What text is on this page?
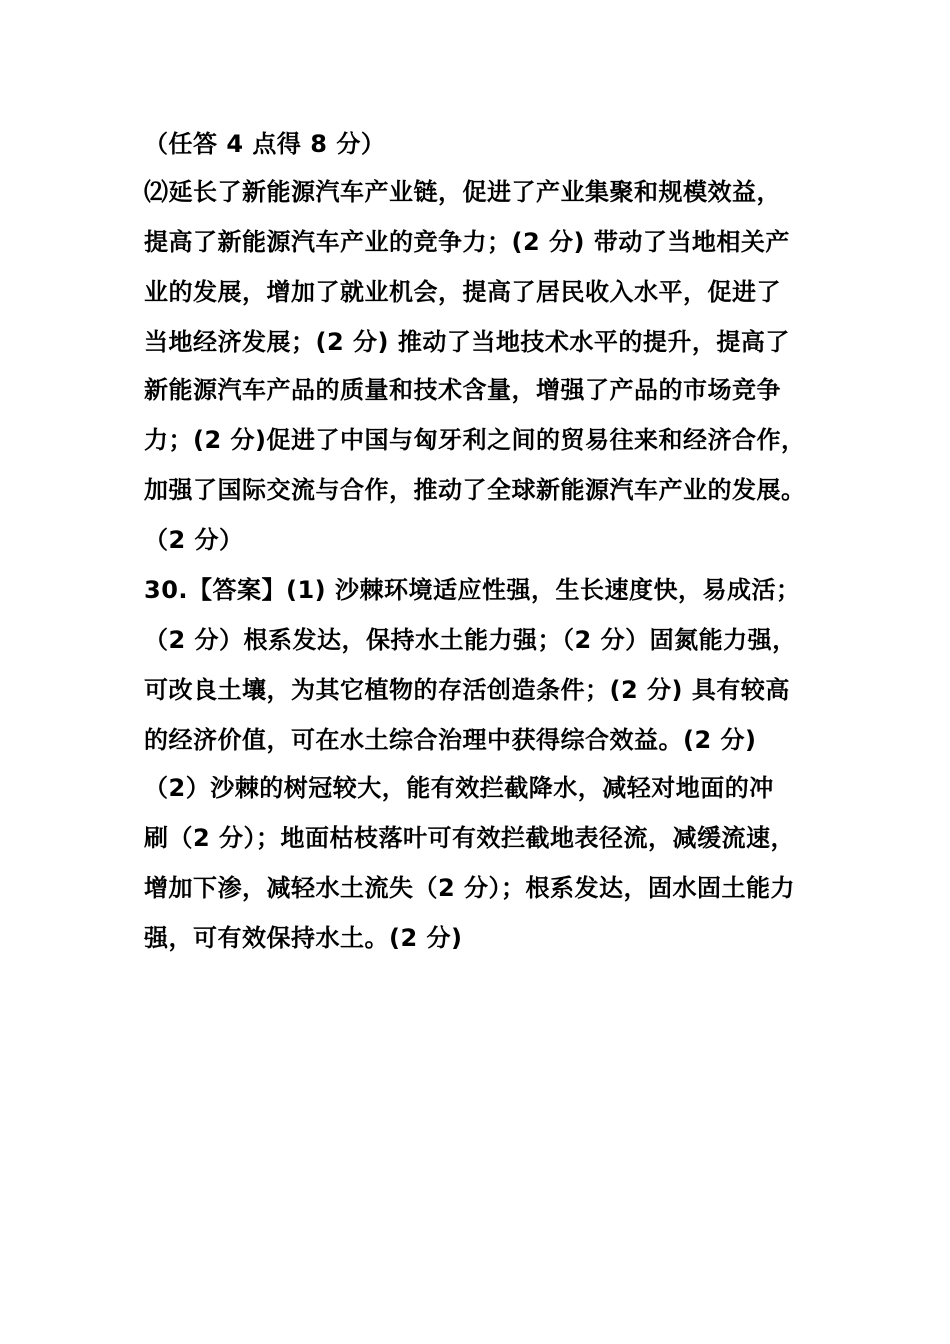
（任答 4 点得 8 分）
⑵延长了新能源汽车产业链，促进了产业集聚和规模效益，
提高了新能源汽车产业的竞争力；(2 分) 带动了当地相关产
业的发展，增加了就业机会，提高了居民收入水平，促进了
当地经济发展；(2 分) 推动了当地技术水平的提升，提高了
新能源汽车产品的质量和技术含量，增强了产品的市场竞争
力；(2 分)促进了中国与匈牙利之间的贸易往来和经济合作，
加强了国际交流与合作，推动了全球新能源汽车产业的发展。
（2 分）
30.【答案】(1) 沙棘环境适应性强，生长速度快，易成活；
（2 分）根系发达，保持水土能力强；（2 分）固氮能力强，
可改良土壤，为其它植物的存活创造条件；(2 分) 具有较高
的经济价值，可在水土综合治理中获得综合效益。(2 分)
（2）沙棘的树冠较大，能有效拦截降水，减轻对地面的冲
刷（2 分）；地面枯枝落叶可有效拦截地表径流，减缓流速，
增加下渗，减轻水土流失（2 分）；根系发达，固水固土能力
强，可有效保持水土。(2 分)
